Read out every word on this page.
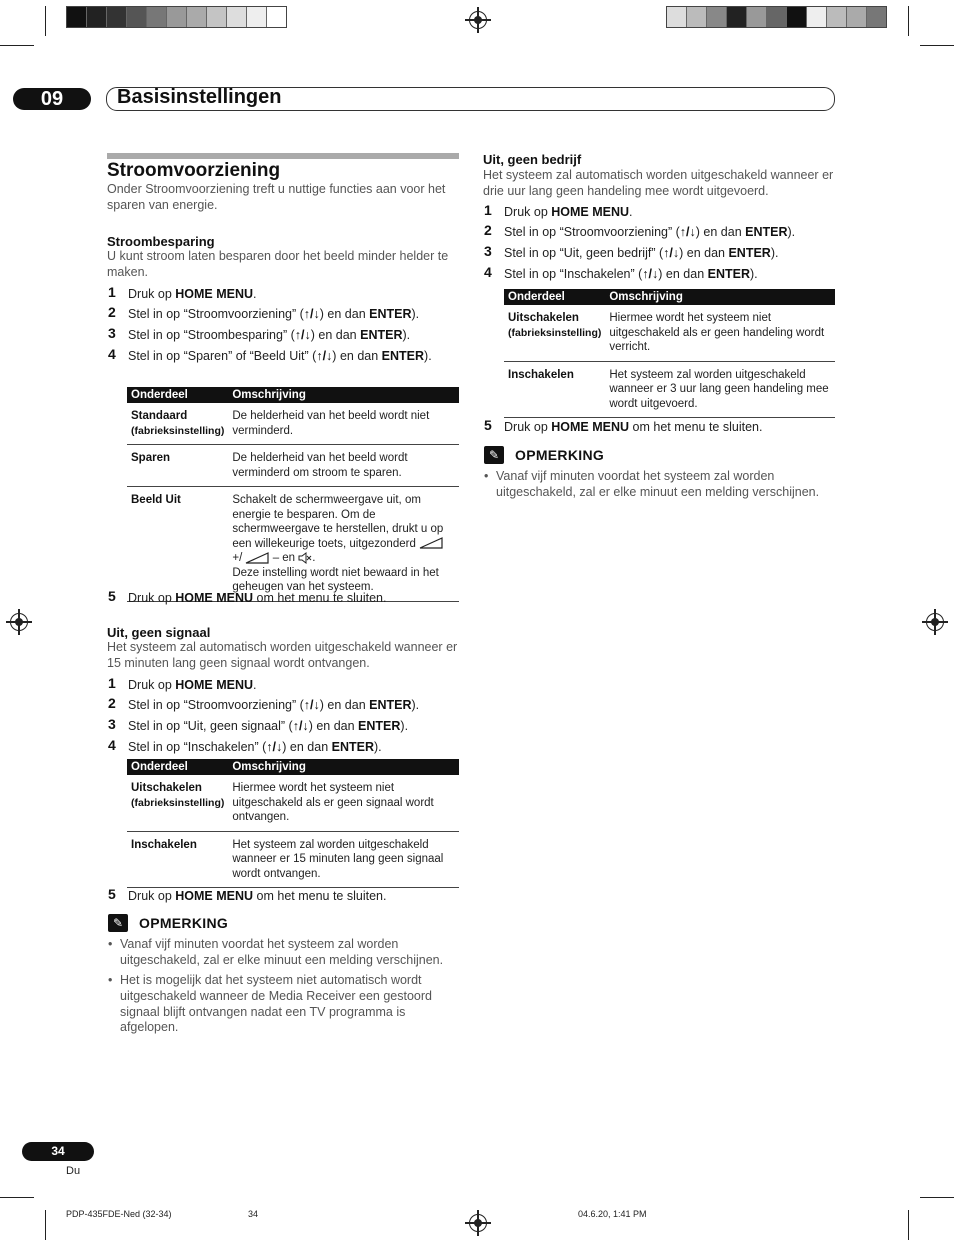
09	Basisinstellingen
Stroomvoorziening
Onder Stroomvoorziening treft u nuttige functies aan voor het sparen van energie.
Stroombesparing
U kunt stroom laten besparen door het beeld minder helder te maken.
1 Druk op HOME MENU.
2 Stel in op “Stroomvoorziening” (↑/↓) en dan ENTER).
3 Stel in op “Stroombesparing” (↑/↓) en dan ENTER).
4 Stel in op “Sparen” of “Beeld Uit” (↑/↓) en dan ENTER).
Onderdeel	Omschrijving
Standaard
(fabrieksinstelling)	De helderheid van het beeld wordt niet verminderd.
Sparen	De helderheid van het beeld wordt verminderd om stroom te sparen.
Beeld Uit	Schakelt de schermweergave uit, om energie te besparen. Om de schermweergave te herstellen, drukt u op een willekeurige toets, uitgezonderd
+/ – en .
Deze instelling wordt niet bewaard in het geheugen van het systeem.
5 Druk op HOME MENU om het menu te sluiten.
Uit, geen signaal
Het systeem zal automatisch worden uitgeschakeld wanneer er 15 minuten lang geen signaal wordt ontvangen.
1 Druk op HOME MENU.
2 Stel in op “Stroomvoorziening” (↑/↓) en dan ENTER).
3 Stel in op “Uit, geen signaal” (↑/↓) en dan ENTER).
4 Stel in op “Inschakelen” (↑/↓) en dan ENTER).
Onderdeel	Omschrijving
Uitschakelen
(fabrieksinstelling)	Hiermee wordt het systeem niet uitgeschakeld als er geen signaal wordt ontvangen.
Inschakelen	Het systeem zal worden uitgeschakeld wanneer er 15 minuten lang geen signaal wordt ontvangen.
5 Druk op HOME MENU om het menu te sluiten.
✎	OPMERKING
• Vanaf vijf minuten voordat het systeem zal worden uitgeschakeld, zal er elke minuut een melding verschijnen.
• Het is mogelijk dat het systeem niet automatisch wordt uitgeschakeld wanneer de Media Receiver een gestoord signaal blijft ontvangen nadat een TV programma is afgelopen.
Uit, geen bedrijf
Het systeem zal automatisch worden uitgeschakeld wanneer er drie uur lang geen handeling mee wordt uitgevoerd.
1 Druk op HOME MENU.
2 Stel in op “Stroomvoorziening” (↑/↓) en dan ENTER).
3 Stel in op “Uit, geen bedrijf” (↑/↓) en dan ENTER).
4 Stel in op “Inschakelen” (↑/↓) en dan ENTER).
Onderdeel	Omschrijving
Uitschakelen
(fabrieksinstelling)	Hiermee wordt het systeem niet uitgeschakeld als er geen handeling wordt verricht.
Inschakelen	Het systeem zal worden uitgeschakeld wanneer er 3 uur lang geen handeling mee wordt uitgevoerd.
5 Druk op HOME MENU om het menu te sluiten.
✎	OPMERKING
• Vanaf vijf minuten voordat het systeem zal worden uitgeschakeld, zal er elke minuut een melding verschijnen.
34
Du
PDP-435FDE-Ned (32-34)	34	04.6.20, 1:41 PM
